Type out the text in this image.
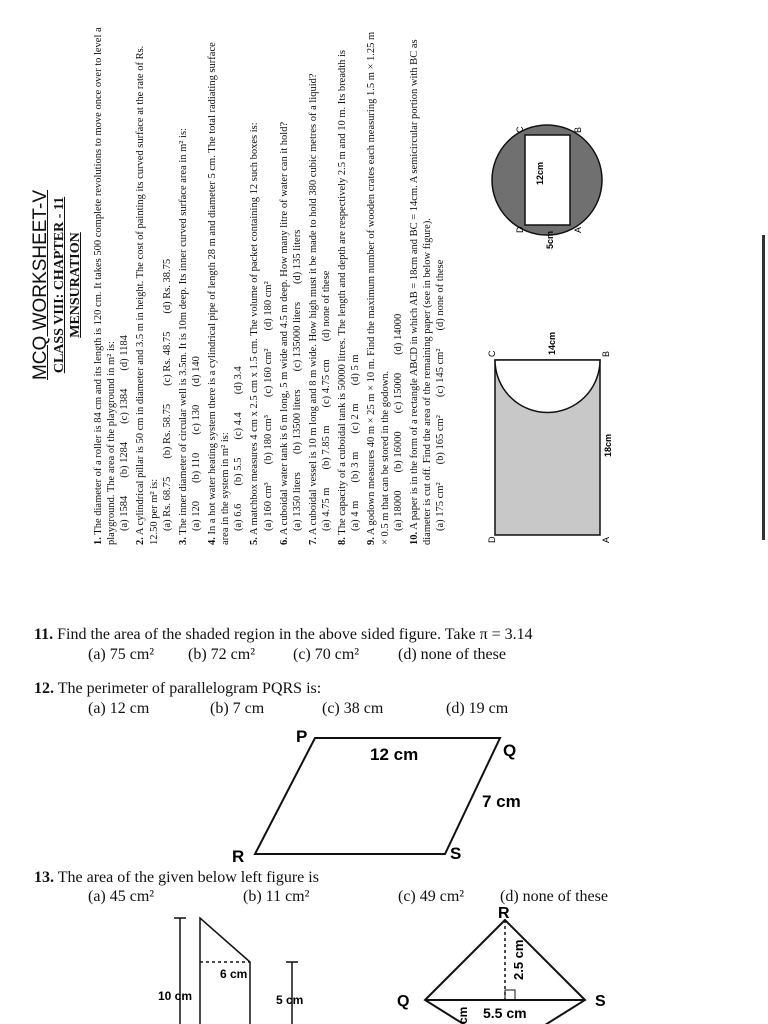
MCQ WORKSHEET-V CLASS VIII: CHAPTER - 11 MENSURATION

1. The diameter of a roller is 84 cm and its length is 120 cm. It takes 500 complete revolutions to move once over to level a playground. The area of the playground in m² is: (a) 1584(b) 1284(c) 1384(d) 1184

2. A cylindrical pillar is 50 cm in diameter and 3.5 m in height. The cost of painting its curved surface at the rate of Rs. 12.50 per m² is: (a) Rs. 68.75(b) Rs. 58.75(c) Rs. 48.75(d) Rs. 38.75

3. The inner diameter of circular well is 3.5m. It is 10m deep. Its inner curved surface area in m² is: (a) 120(b) 110(c) 130(d) 140

4. In a hot water heating system there is a cylindrical pipe of length 28 m and diameter 5 cm. The total radiating surface area in the system in m² is: (a) 6.6(b) 5.5(c) 4.4(d) 3.4

5. A matchbox measures 4 cm x 2.5 cm x 1.5 cm. The volume of packet containing 12 such boxes is: (a) 160 cm³(b) 180 cm³(c) 160 cm²(d) 180 cm²

6. A cuboidal water tank is 6 m long, 5 m wide and 4.5 m deep. How many litre of water can it hold? (a) 1350 liters(b) 13500 liters(c) 135000 liters(d) 135 liters

7. A cuboidal vessel is 10 m long and 8 m wide. How high must it be made to hold 380 cubic metres of a liquid? (a) 4.75 m(b) 7.85 m(c) 4.75 cm(d) none of these

8. The capacity of a cuboidal tank is 50000 litres. The length and depth are respectively 2.5 m and 10 m. Its breadth is (a) 4 m(b) 3 m(c) 2 m(d) 5 m

9. A godown measures 40 m × 25 m × 10 m. Find the maximum number of wooden crates each measuring 1.5 m × 1.25 m × 0.5 m that can be stored in the godown. (a) 18000(b) 16000(c) 15000(d) 14000

10. A paper is in the form of a rectangle ABCD in which AB = 18cm and BC = 14cm. A semicircular portion with BC as diameter is cut off. Find the area of the remaining paper (see in below figure). (a) 175 cm²(b) 165 cm²(c) 145 cm²(d) none of these

D	A
B
C
18cm
14cm
12cm
5cm
D	A
B
C

11. Find the area of the shaded region in the above sided figure. Take π = 3.14

(a) 75 cm² (b) 72 cm² (c) 70 cm² (d) none of these

12. The perimeter of parallelogram PQRS is:

(a) 12 cm	(b) 7 cm	(c) 38 cm	(d) 19 cm

P
Q
R	S
12 cm
7 cm

13. The area of the given below left figure is

(a) 45 cm²	(b) 11 cm²	(c) 49 cm² (d) none of these

6 cm
10 cm	5 cm
R
Q	S
2.5 cm
5.5 cm
cm
